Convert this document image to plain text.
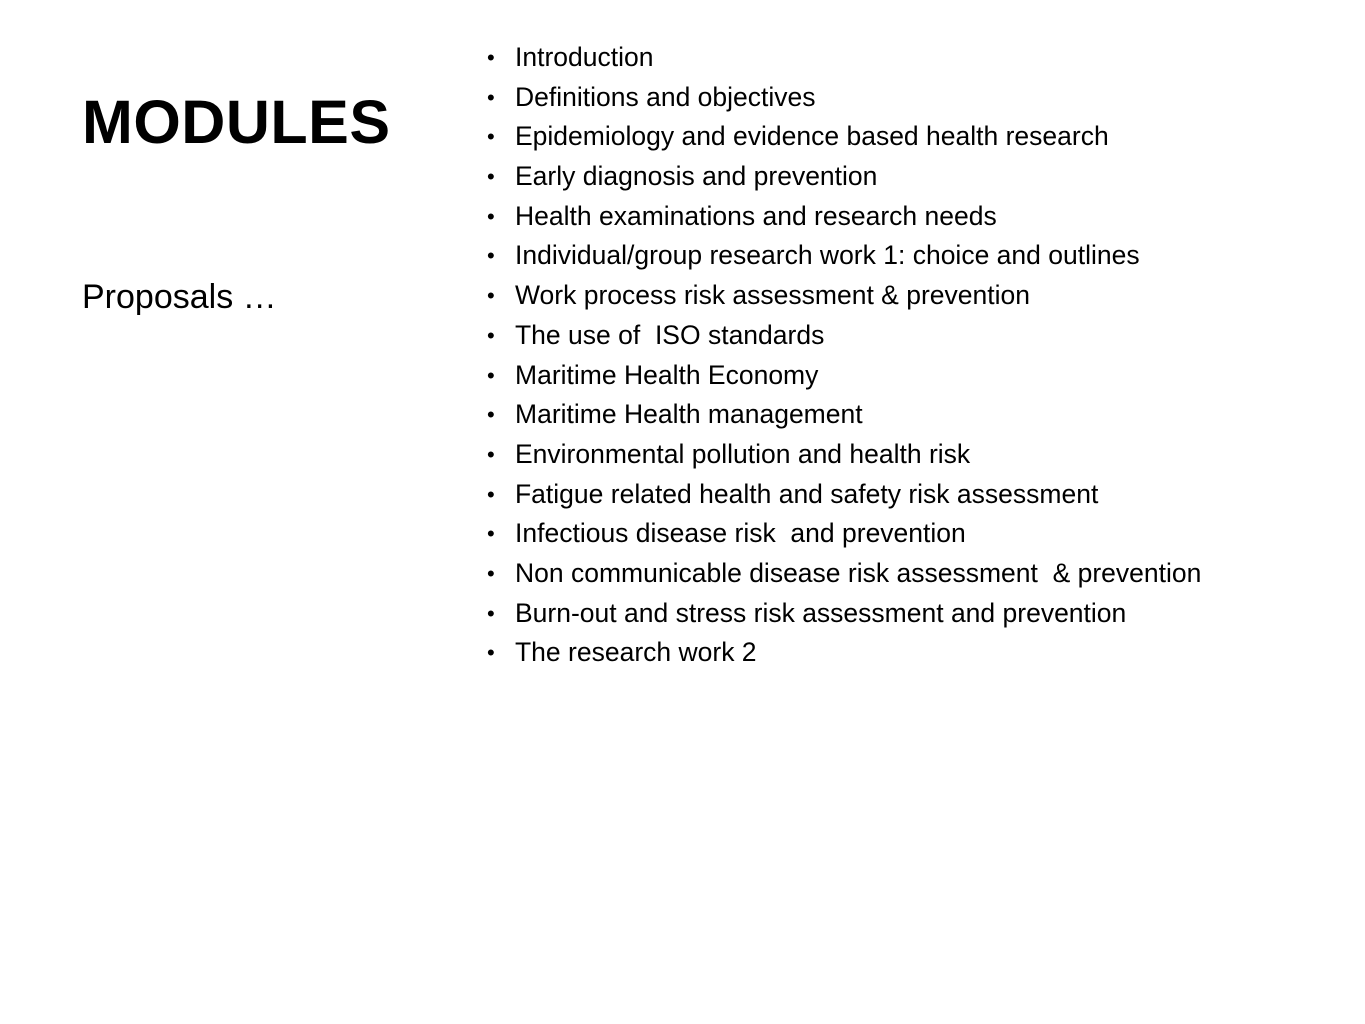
MODULES

Proposals …

• Introduction
• Definitions and objectives
• Epidemiology and evidence based health research
• Early diagnosis and prevention
• Health examinations and research needs
• Individual/group research work 1: choice and outlines
• Work process risk assessment & prevention
• The use of  ISO standards
• Maritime Health Economy
• Maritime Health management
• Environmental pollution and health risk
• Fatigue related health and safety risk assessment
• Infectious disease risk  and prevention
• Non communicable disease risk assessment  & prevention
• Burn-out and stress risk assessment and prevention
• The research work 2
